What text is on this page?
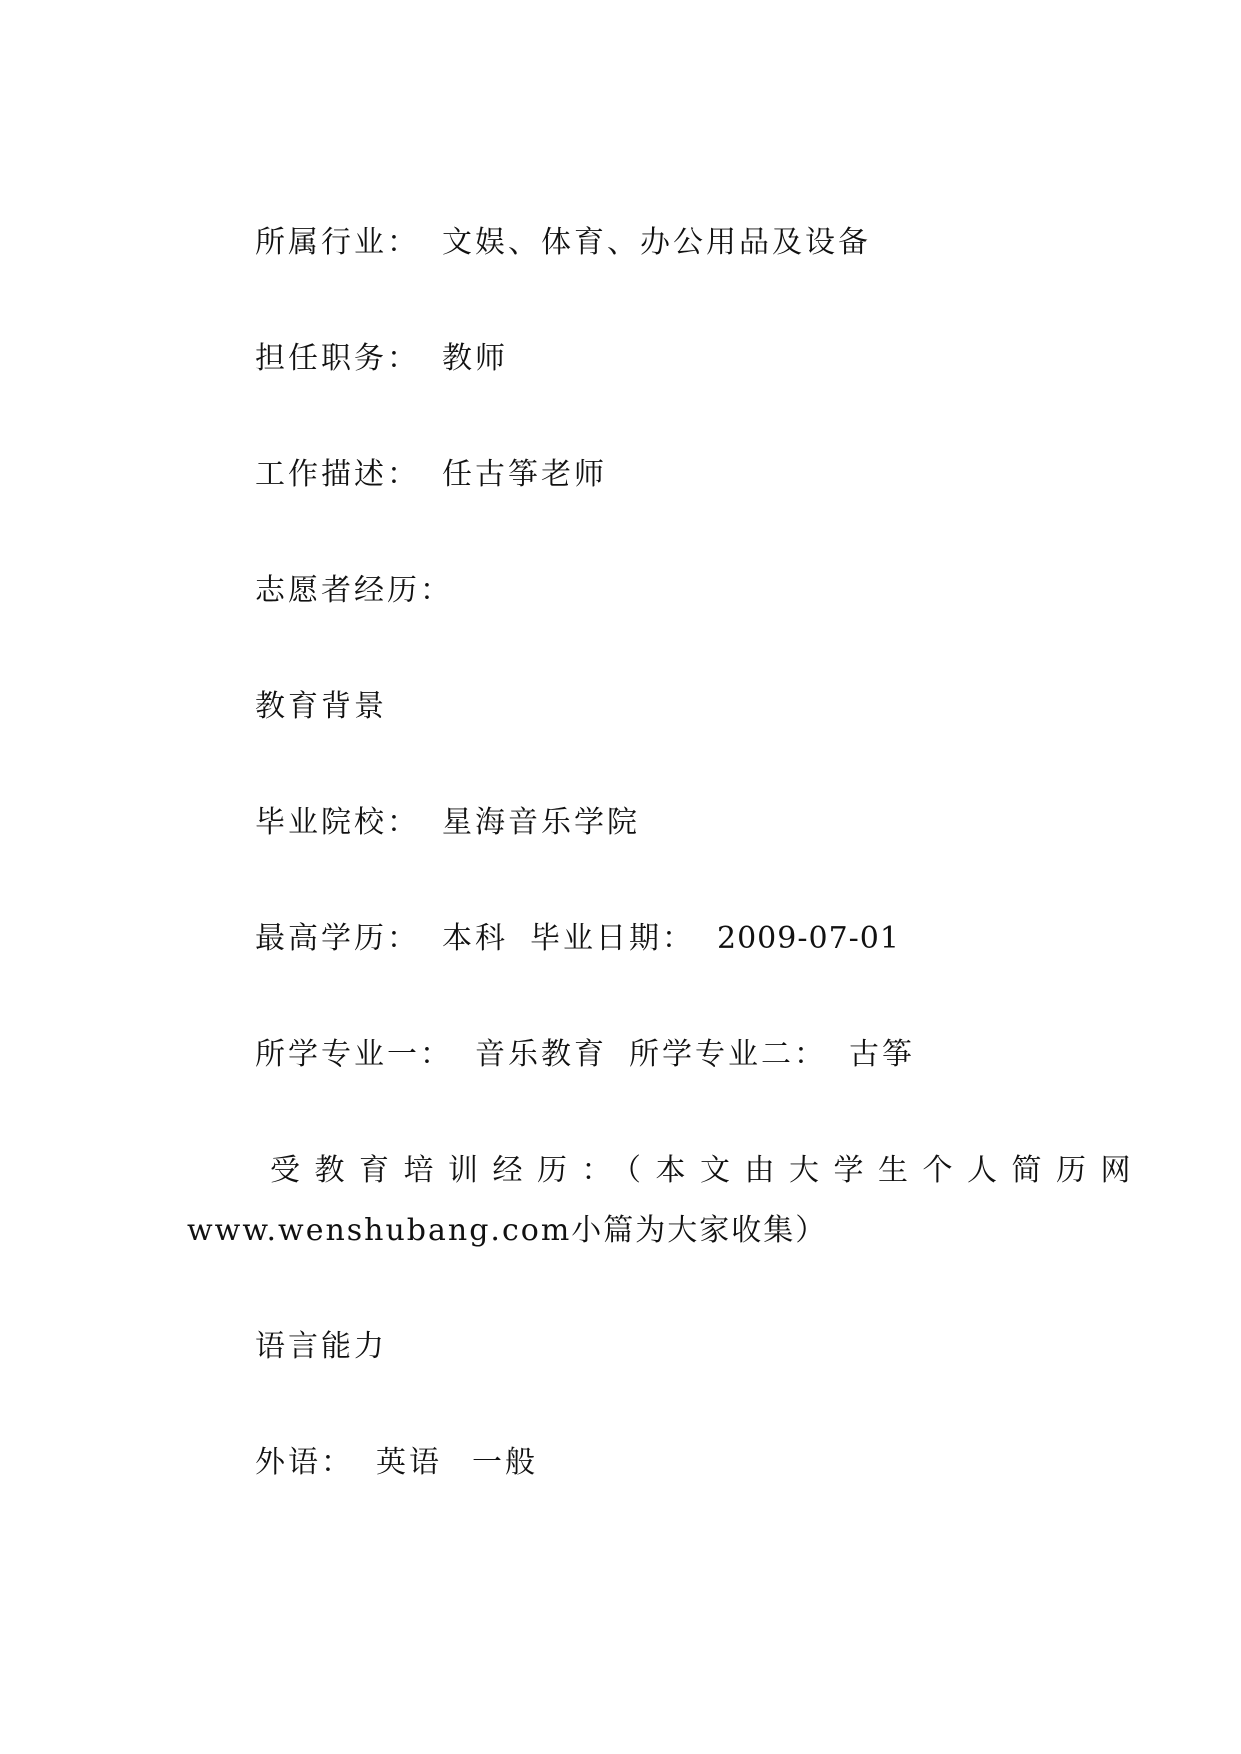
所属行业： 文娱、体育、办公用品及设备
担任职务： 教师
工作描述： 任古筝老师
志愿者经历：
教育背景
毕业院校： 星海音乐学院
最高学历： 本科 毕业日期： 2009-07-01
所学专业一： 音乐教育 所学专业二： 古筝
受教育培训经历：（本文由大学生个人简历网
www.wenshubang.com小篇为大家收集）
语言能力
外语： 英语 一般
